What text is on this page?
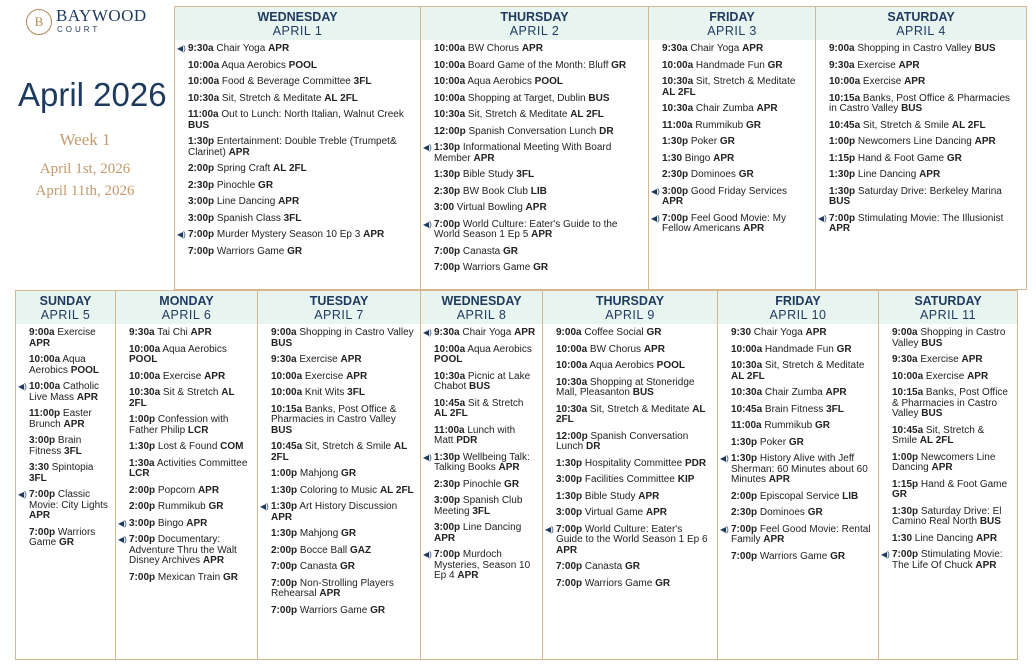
B BAYWOOD
COURT
April 2026
Week 1
April 1st, 2026
April 11th, 2026
WEDNESDAY
APRIL 1
◀) 9:30a Chair Yoga APR
10:00a Aqua Aerobics POOL
10:00a Food & Beverage Committee 3FL
10:30a Sit, Stretch & Meditate AL 2FL
11:00a Out to Lunch: North Italian, Walnut Creek BUS
1:30p Entertainment: Double Treble (Trumpet& Clarinet) APR
2:00p Spring Craft AL 2FL
2:30p Pinochle GR
3:00p Line Dancing APR
3:00p Spanish Class 3FL
◀) 7:00p Murder Mystery Season 10 Ep 3 APR
7:00p Warriors Game GR
THURSDAY
APRIL 2
10:00a BW Chorus APR
10:00a Board Game of the Month: Bluff GR
10:00a Aqua Aerobics POOL
10:00a Shopping at Target, Dublin BUS
10:30a Sit, Stretch & Meditate AL 2FL
12:00p Spanish Conversation Lunch DR
◀) 1:30p Informational Meeting With Board Member APR
1:30p Bible Study 3FL
2:30p BW Book Club LIB
3:00 Virtual Bowling APR
◀) 7:00p World Culture: Eater's Guide to the World Season 1 Ep 5 APR
7:00p Canasta GR
7:00p Warriors Game GR
FRIDAY
APRIL 3
9:30a Chair Yoga APR
10:00a Handmade Fun GR
10:30a Sit, Stretch & Meditate AL 2FL
10:30a Chair Zumba APR
11:00a Rummikub GR
1:30p Poker GR
1:30 Bingo APR
2:30p Dominoes GR
◀) 3:00p Good Friday Services APR
◀) 7:00p Feel Good Movie: My Fellow Americans APR
SATURDAY
APRIL 4
9:00a Shopping in Castro Valley BUS
9:30a Exercise APR
10:00a Exercise APR
10:15a Banks, Post Office & Pharmacies in Castro Valley BUS
10:45a Sit, Stretch & Smile AL 2FL
1:00p Newcomers Line Dancing APR
1:15p Hand & Foot Game GR
1:30p Line Dancing APR
1:30p Saturday Drive: Berkeley Marina BUS
◀) 7:00p Stimulating Movie: The Illusionist APR
SUNDAY
APRIL 5
9:00a Exercise APR
10:00a Aqua Aerobics POOL
◀) 10:00a Catholic Live Mass APR
11:00p Easter Brunch APR
3:00p Brain Fitness 3FL
3:30 Spintopia 3FL
◀) 7:00p Classic Movie: City Lights APR
7:00p Warriors Game GR
MONDAY
APRIL 6
9:30a Tai Chi APR
10:00a Aqua Aerobics POOL
10:00a Exercise APR
10:30a Sit & Stretch AL 2FL
1:00p Confession with Father Philip LCR
1:30p Lost & Found COM
1:30a Activities Committee LCR
2:00p Popcorn APR
2:00p Rummikub GR
◀) 3:00p Bingo APR
◀) 7:00p Documentary: Adventure Thru the Walt Disney Archives APR
7:00p Mexican Train GR
TUESDAY
APRIL 7
9:00a Shopping in Castro Valley BUS
9:30a Exercise APR
10:00a Exercise APR
10:00a Knit Wits 3FL
10:15a Banks, Post Office & Pharmacies in Castro Valley BUS
10:45a Sit, Stretch & Smile AL 2FL
1:00p Mahjong GR
1:30p Coloring to Music AL 2FL
◀) 1:30p Art History Discussion APR
1:30p Mahjong GR
2:00p Bocce Ball GAZ
7:00p Canasta GR
7:00p Non-Strolling Players Rehearsal APR
7:00p Warriors Game GR
WEDNESDAY
APRIL 8
◀) 9:30a Chair Yoga APR
10:00a Aqua Aerobics POOL
10:30a Picnic at Lake Chabot BUS
10:45a Sit & Stretch AL 2FL
11:00a Lunch with Matt PDR
◀) 1:30p Wellbeing Talk: Talking Books APR
2:30p Pinochle GR
3:00p Spanish Club Meeting 3FL
3:00p Line Dancing APR
◀) 7:00p Murdoch Mysteries, Season 10 Ep 4 APR
THURSDAY
APRIL 9
9:00a Coffee Social GR
10:00a BW Chorus APR
10:00a Aqua Aerobics POOL
10:30a Shopping at Stoneridge Mall, Pleasanton BUS
10:30a Sit, Stretch & Meditate AL 2FL
12:00p Spanish Conversation Lunch DR
1:30p Hospitality Committee PDR
3:00p Facilities Committee KIP
1:30p Bible Study APR
3:00p Virtual Game APR
◀) 7:00p World Culture: Eater's Guide to the World Season 1 Ep 6 APR
7:00p Canasta GR
7:00p Warriors Game GR
FRIDAY
APRIL 10
9:30 Chair Yoga APR
10:00a Handmade Fun GR
10:30a Sit, Stretch & Meditate AL 2FL
10:30a Chair Zumba APR
10:45a Brain Fitness 3FL
11:00a Rummikub GR
1:30p Poker GR
◀) 1:30p History Alive with Jeff Sherman: 60 Minutes about 60 Minutes APR
2:00p Episcopal Service LIB
2:30p Dominoes GR
◀) 7:00p Feel Good Movie: Rental Family APR
7:00p Warriors Game GR
SATURDAY
APRIL 11
9:00a Shopping in Castro Valley BUS
9:30a Exercise APR
10:00a Exercise APR
10:15a Banks, Post Office & Pharmacies in Castro Valley BUS
10:45a Sit, Stretch & Smile AL 2FL
1:00p Newcomers Line Dancing APR
1:15p Hand & Foot Game GR
1:30p Saturday Drive: El Camino Real North BUS
1:30 Line Dancing APR
◀) 7:00p Stimulating Movie: The Life Of Chuck APR
